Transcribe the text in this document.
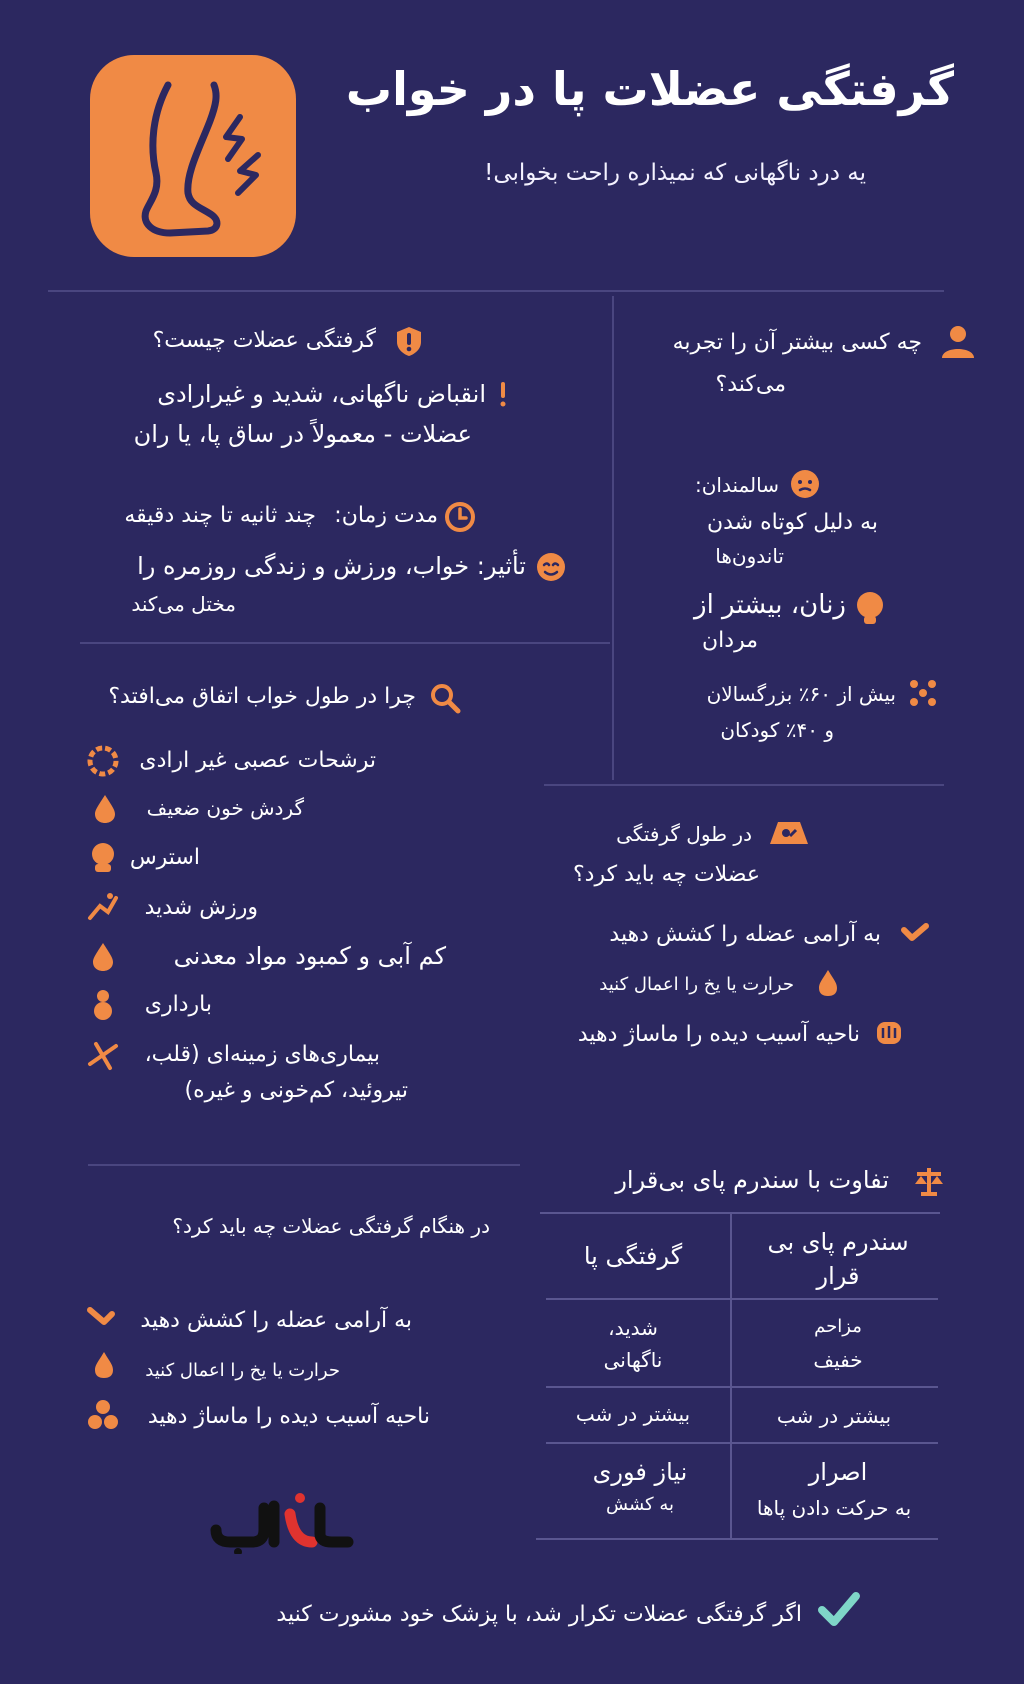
گرفتگی عضلات پا در خواب
یه درد ناگهانی که نمیذاره راحت بخوابی!
گرفتگی عضلات چیست؟
انقباض ناگهانی، شدید و غیرارادی
عضلات - معمولاً در ساق پا، یا ران
مدت زمان:
چند ثانیه تا چند دقیقه
تأثیر: خواب، ورزش و زندگی روزمره را
مختل می‌کند
چه کسی بیشتر آن را تجربه
می‌کند؟
سالمندان:
به دلیل کوتاه شدن
تاندون‌ها
زنان، بیشتر از
مردان
بیش از ۶۰٪ بزرگسالان
و ۴۰٪ کودکان
چرا در طول خواب اتفاق می‌افتد؟
ترشحات عصبی غیر ارادی
گردش خون ضعیف
استرس
ورزش شدید
کم آبی و کمبود مواد معدنی
بارداری
بیماری‌های زمینه‌ای (قلب،
تیروئید، کم‌خونی و غیره)
در طول گرفتگی
عضلات چه باید کرد؟
به آرامی عضله را کشش دهید
حرارت یا یخ را اعمال کنید
ناحیه آسیب دیده را ماساژ دهید
در هنگام گرفتگی عضلات چه باید کرد؟
به آرامی عضله را کشش دهید
حرارت یا یخ را اعمال کنید
ناحیه آسیب دیده را ماساژ دهید
تفاوت با سندرم پای بی‌قرار
سندرم پای بی
قرار
گرفتگی پا
مزاحم
خفیف
شدید،
ناگهانی
بیشتر در شب
بیشتر در شب
اصرار
به حرکت دادن پاها
نیاز فوری
به کشش
اگر گرفتگی عضلات تکرار شد، با پزشک خود مشورت کنید
